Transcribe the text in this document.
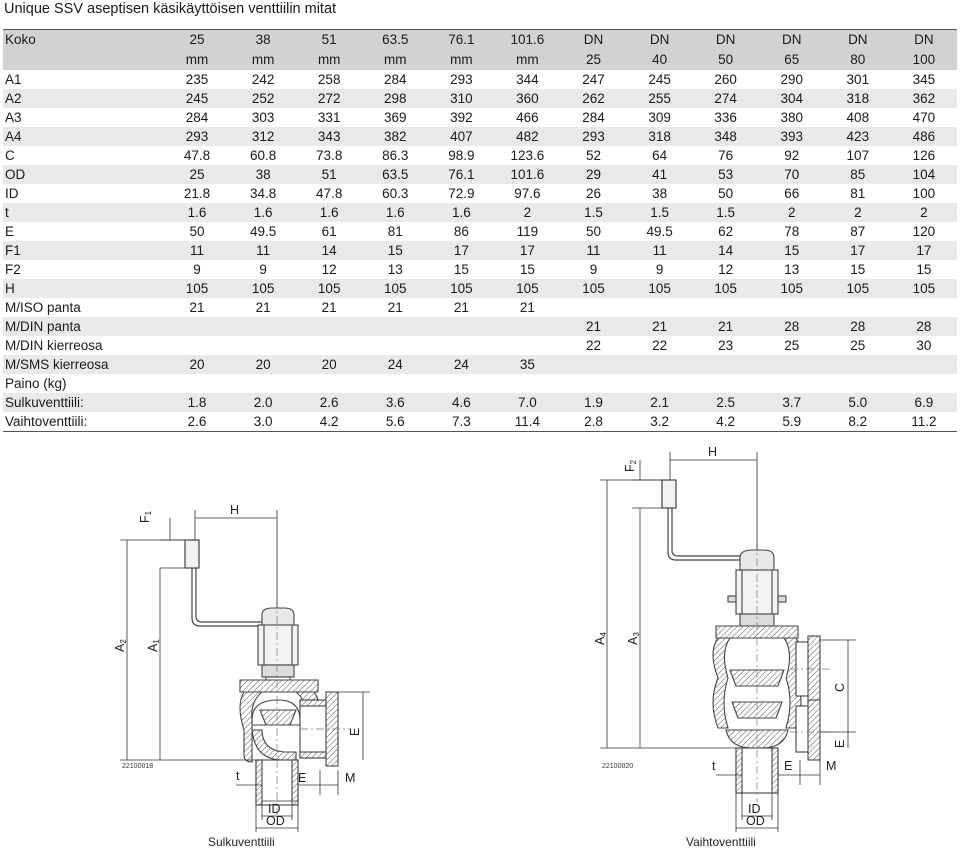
Unique SSV aseptisen käsikäyttöisen venttiilin mitat
Koko	25	38	51	63.5	76.1	101.6	DN	DN	DN	DN	DN	DN
	mm	mm	mm	mm	mm	mm	25	40	50	65	80	100
A1	235	242	258	284	293	344	247	245	260	290	301	345
A2	245	252	272	298	310	360	262	255	274	304	318	362
A3	284	303	331	369	392	466	284	309	336	380	408	470
A4	293	312	343	382	407	482	293	318	348	393	423	486
C	47.8	60.8	73.8	86.3	98.9	123.6	52	64	76	92	107	126
OD	25	38	51	63.5	76.1	101.6	29	41	53	70	85	104
ID	21.8	34.8	47.8	60.3	72.9	97.6	26	38	50	66	81	100
t	1.6	1.6	1.6	1.6	1.6	2	1.5	1.5	1.5	2	2	2
E	50	49.5	61	81	86	119	50	49.5	62	78	87	120
F1	11	11	14	15	17	17	11	11	14	15	17	17
F2	9	9	12	13	15	15	9	9	12	13	15	15
H	105	105	105	105	105	105	105	105	105	105	105	105
M/ISO panta	21	21	21	21	21	21						
M/DIN panta							21	21	21	28	28	28
M/DIN kierreosa							22	22	23	25	25	30
M/SMS kierreosa	20	20	20	24	24	35						
Paino (kg)												
Sulkuventtiili:	1.8	2.0	2.6	3.6	4.6	7.0	1.9	2.1	2.5	3.7	5.0	6.9
Vaihtoventtiili:	2.6	3.0	4.2	5.6	7.3	11.4	2.8	3.2	4.2	5.9	8.2	11.2
F1	H
A2
A1
E
t	E	M
ID
OD
22100018
Sulkuventtiili
F2
H
A4
A3
C
E
t	E	M
ID
OD
22100020
Vaihtoventtiili
